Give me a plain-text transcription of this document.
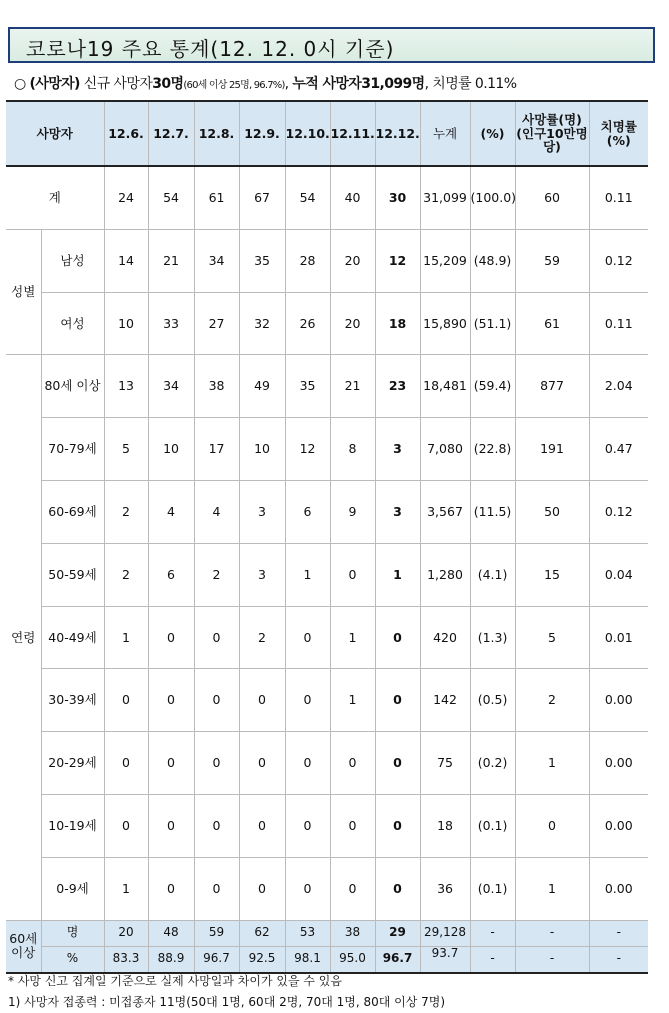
코로나19 주요 통계(12. 12. 0시 기준)
○ (사망자) 신규 사망자30명(60세 이상 25명, 96.7%), 누적 사망자31,099명, 치명률 0.11%
사망자		12.6.	12.7.	12.8.	12.9.	12.10.	12.11.	12.12.	누계	(%)	사망률(명)(인구10만명당)	치명률(%)
계		24	54	61	67	54	40	30	31,099	(100.0)	60	0.11
성별	남성	14	21	34	35	28	20	12	15,209	(48.9)	59	0.12
	여성	10	33	27	32	26	20	18	15,890	(51.1)	61	0.11
연령	80세 이상	13	34	38	49	35	21	23	18,481	(59.4)	877	2.04
	70-79세	5	10	17	10	12	8	3	7,080	(22.8)	191	0.47
	60-69세	2	4	4	3	6	9	3	3,567	(11.5)	50	0.12
	50-59세	2	6	2	3	1	0	1	1,280	(4.1)	15	0.04
	40-49세	1	0	0	2	0	1	0	420	(1.3)	5	0.01
	30-39세	0	0	0	0	0	1	0	142	(0.5)	2	0.00
	20-29세	0	0	0	0	0	0	0	75	(0.2)	1	0.00
	10-19세	0	0	0	0	0	0	0	18	(0.1)	0	0.00
	0-9세	1	0	0	0	0	0	0	36	(0.1)	1	0.00
60세 이상	명	20	48	59	62	53	38	29	29,128	-	-	-
	%	83.3	88.9	96.7	92.5	98.1	95.0	96.7	93.7	-	-	-
* 사망 신고 집계일 기준으로 실제 사망일과 차이가 있을 수 있음
1) 사망자 접종력 : 미접종자 11명(50대 1명, 60대 2명, 70대 1명, 80대 이상 7명)
